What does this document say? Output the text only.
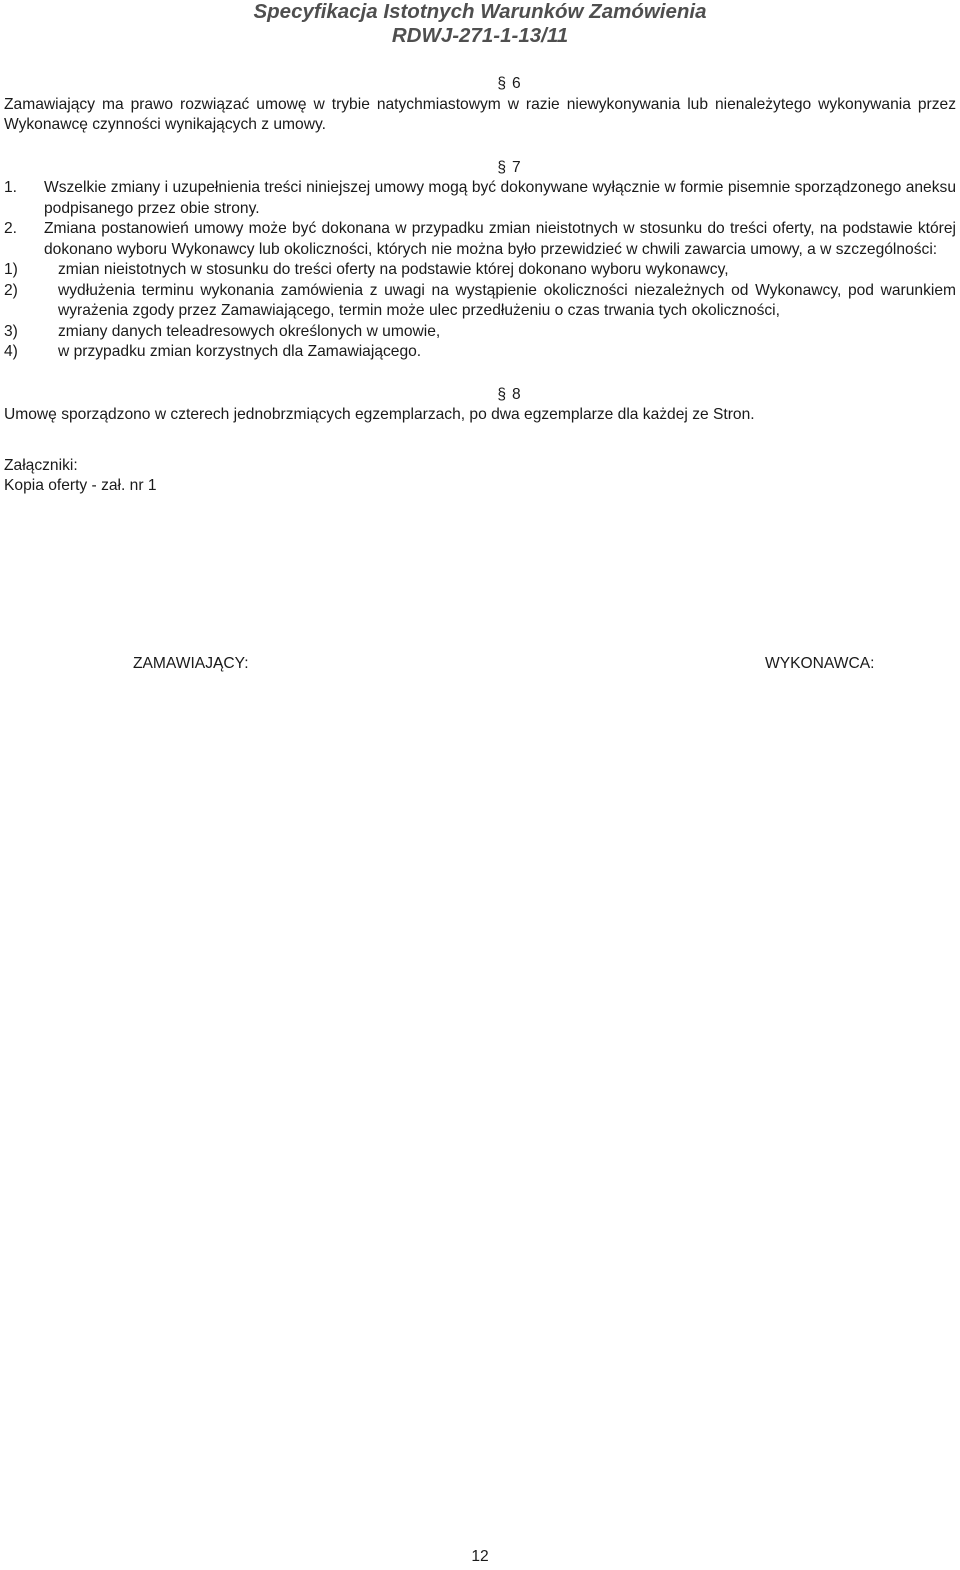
Specyfikacja Istotnych Warunków Zamówienia
RDWJ-271-1-13/11
§ 6

Zamawiający ma prawo rozwiązać umowę w trybie natychmiastowym w razie niewykonywania lub nienależytego wykonywania przez Wykonawcę czynności wynikających z umowy.

§ 7
1.	Wszelkie zmiany i uzupełnienia treści niniejszej umowy mogą być dokonywane wyłącznie w formie pisemnie sporządzonego aneksu podpisanego przez obie strony.
2.	Zmiana postanowień umowy może być dokonana w przypadku zmian nieistotnych w stosunku do treści oferty, na podstawie której dokonano wyboru Wykonawcy lub okoliczności, których nie można było przewidzieć w chwili zawarcia umowy, a w szczególności:
1)	zmian nieistotnych w stosunku do treści oferty na podstawie której dokonano wyboru wykonawcy,
2)	wydłużenia terminu wykonania zamówienia z uwagi na wystąpienie okoliczności niezależnych od Wykonawcy, pod warunkiem wyrażenia zgody przez Zamawiającego, termin może ulec przedłużeniu o czas trwania tych okoliczności,
3)	zmiany danych teleadresowych określonych w umowie,
4)	w przypadku zmian korzystnych dla Zamawiającego.
§ 8

Umowę sporządzono w czterech jednobrzmiących egzemplarzach, po dwa egzemplarze dla każdej ze Stron.

Załączniki:

Kopia oferty - zał. nr 1

ZAMAWIAJĄCY:	WYKONAWCA:
12
